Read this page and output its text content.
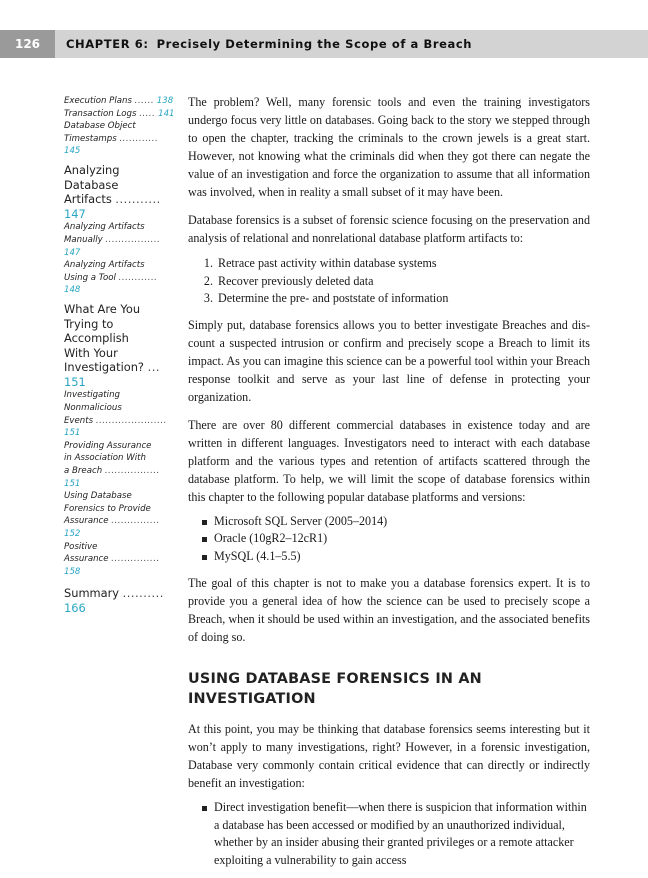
126	CHAPTER 6: Precisely Determining the Scope of a Breach
Execution Plans ...... 138
Transaction Logs ..... 141
Database Object
Timestamps ............ 145
Analyzing Database
Artifacts ........... 147
Analyzing Artifacts
Manually ................. 147
Analyzing Artifacts
Using a Tool ............ 148
What Are You
Trying to
Accomplish
With Your
Investigation? ... 151
Investigating
Nonmalicious
Events ...................... 151
Providing Assurance
in Association With
a Breach ................. 151
Using Database
Forensics to Provide
Assurance ............... 152
Positive
Assurance ............... 158
Summary .......... 166

The problem? Well, many forensic tools and even the training investigators undergo focus very little on databases. Going back to the story we stepped through to open the chapter, tracking the criminals to the crown jewels is a great start. However, not knowing what the criminals did when they got there can negate the value of an investigation and force the organization to assume that all information was involved, when in reality a small subset of it may have been.

Database forensics is a subset of forensic science focusing on the preservation and analysis of relational and nonrelational database platform artifacts to:

1. Retrace past activity within database systems
2. Recover previously deleted data
3. Determine the pre- and poststate of information

Simply put, database forensics allows you to better investigate Breaches and discount a suspected intrusion or confirm and precisely scope a Breach to limit its impact. As you can imagine this science can be a powerful tool within your Breach response toolkit and serve as your last line of defense in protecting your organization.

There are over 80 different commercial databases in existence today and are written in different languages. Investigators need to interact with each database platform and the various types and retention of artifacts scattered through the database platform. To help, we will limit the scope of database forensics within this chapter to the following popular database platforms and versions:

Microsoft SQL Server (2005–2014)
Oracle (10gR2–12cR1)
MySQL (4.1–5.5)

The goal of this chapter is not to make you a database forensics expert. It is to provide you a general idea of how the science can be used to precisely scope a Breach, when it should be used within an investigation, and the associated benefits of doing so.

USING DATABASE FORENSICS IN AN INVESTIGATION

At this point, you may be thinking that database forensics seems interesting but it won’t apply to many investigations, right? However, in a forensic investigation, Database very commonly contain critical evidence that can directly or indirectly benefit an investigation:

Direct investigation benefit—when there is suspicion that information within a database has been accessed or modified by an unauthorized individual, whether by an insider abusing their granted privileges or a remote attacker exploiting a vulnerability to gain access
